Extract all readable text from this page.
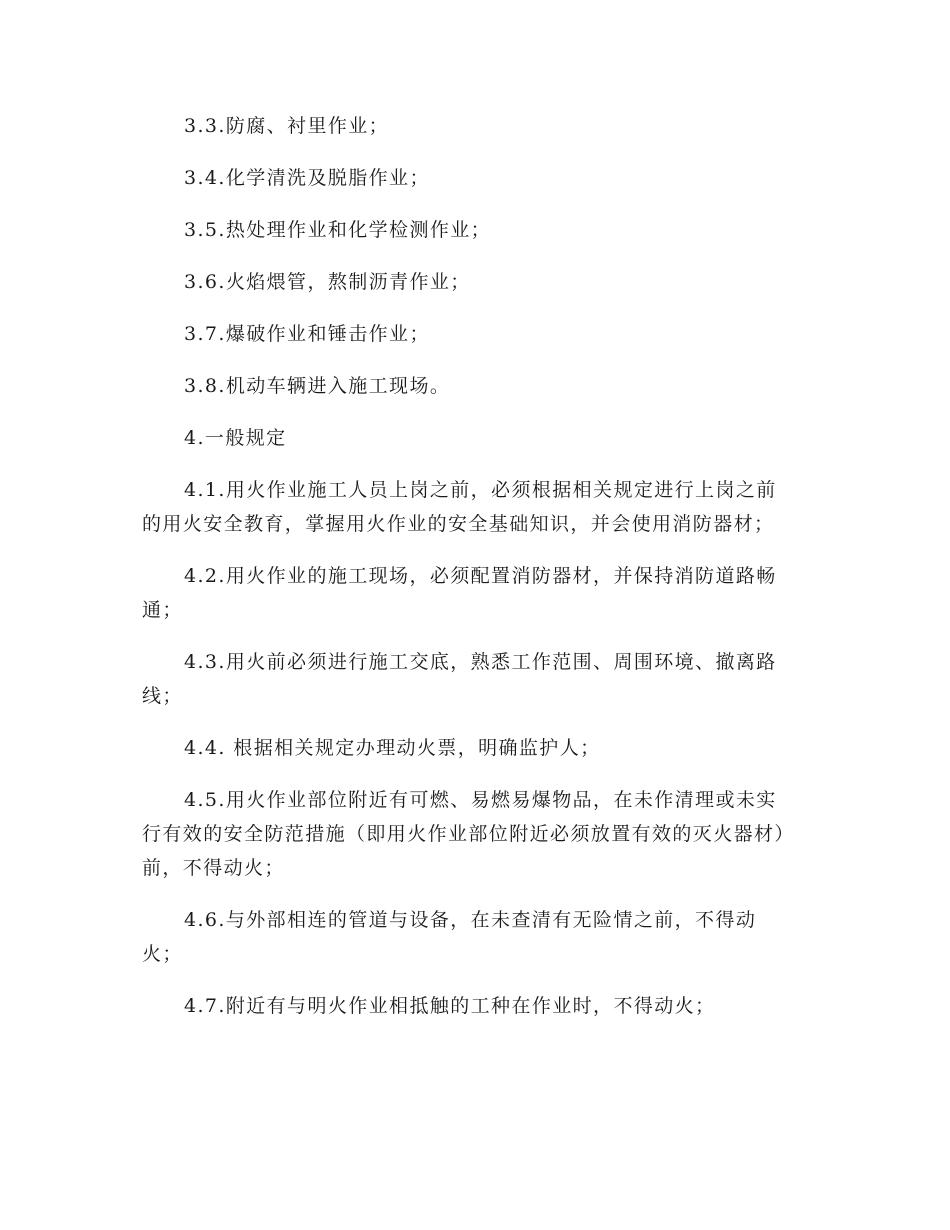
3.3.防腐、衬里作业；

3.4.化学清洗及脱脂作业；

3.5.热处理作业和化学检测作业；

3.6.火焰煨管，熬制沥青作业；

3.7.爆破作业和锤击作业；

3.8.机动车辆进入施工现场。

4.一般规定

4.1.用火作业施工人员上岗之前，必须根据相关规定进行上岗之前的用火安全教育，掌握用火作业的安全基础知识，并会使用消防器材；

4.2.用火作业的施工现场，必须配置消防器材，并保持消防道路畅通；

4.3.用火前必须进行施工交底，熟悉工作范围、周围环境、撤离路线；

4.4. 根据相关规定办理动火票，明确监护人；

4.5.用火作业部位附近有可燃、易燃易爆物品，在未作清理或未实行有效的安全防范措施（即用火作业部位附近必须放置有效的灭火器材）前，不得动火；

4.6.与外部相连的管道与设备，在未查清有无险情之前，不得动火；

4.7.附近有与明火作业相抵触的工种在作业时，不得动火；
